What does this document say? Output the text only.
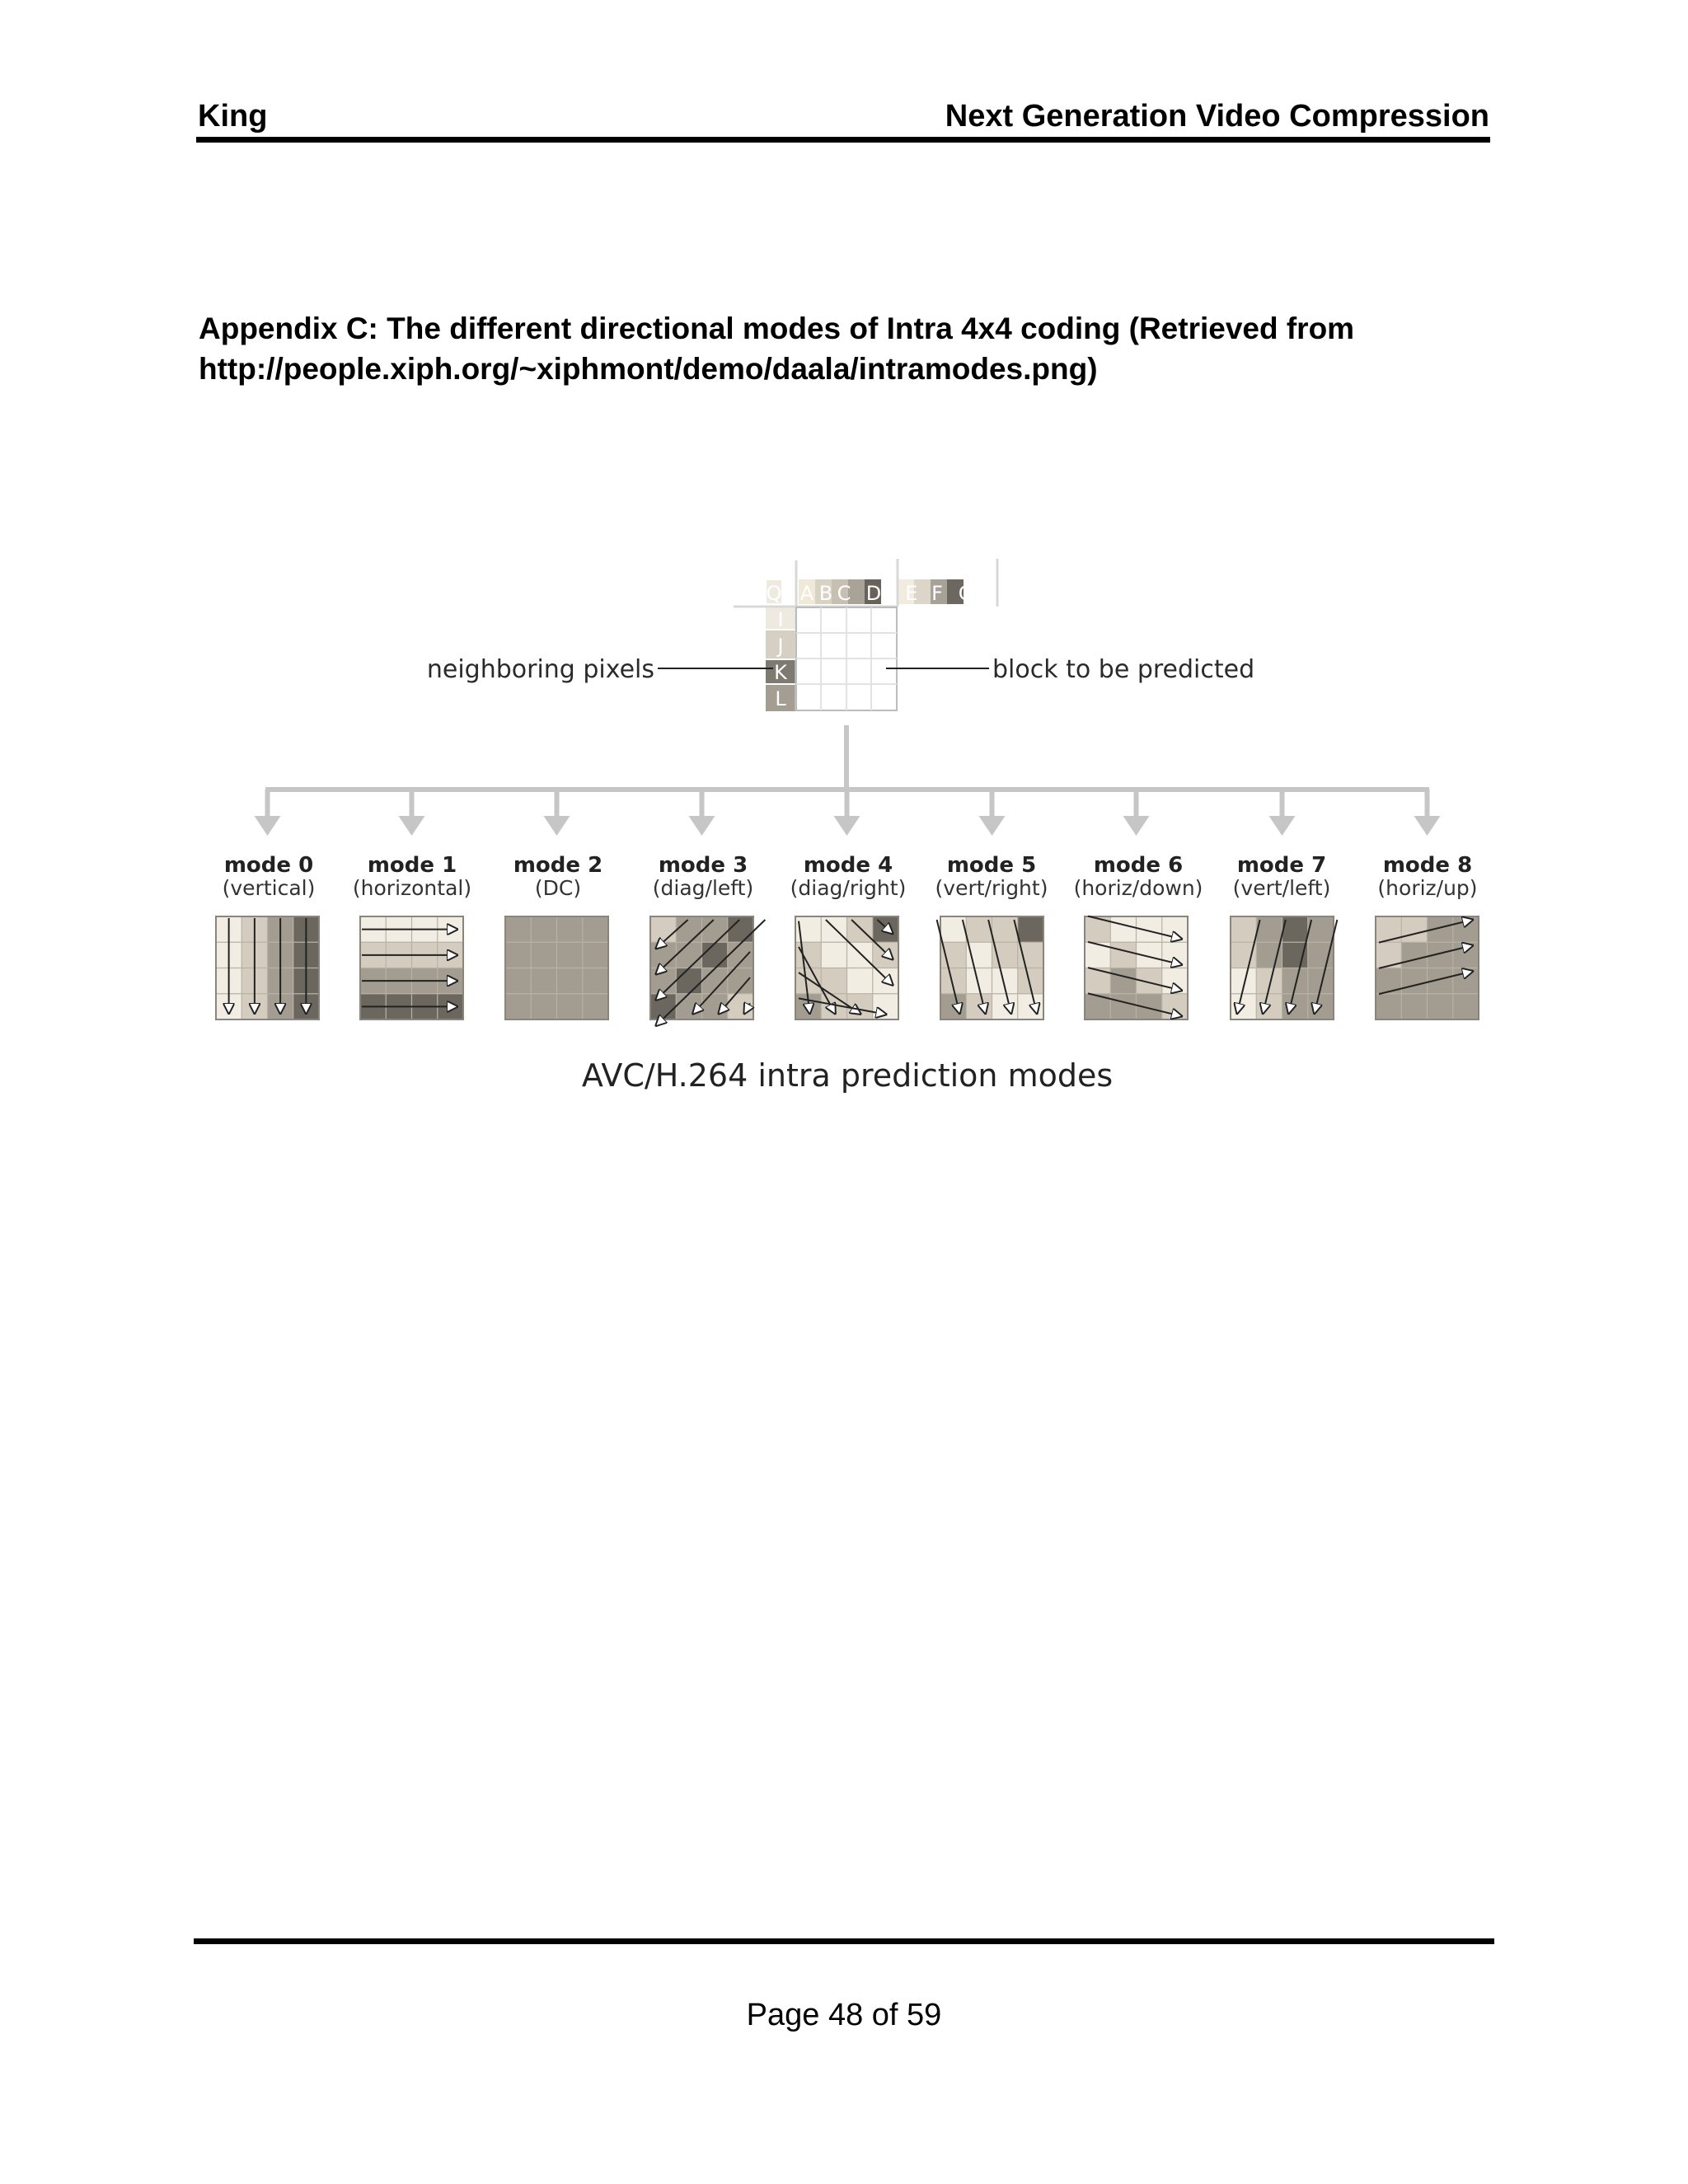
King	Next Generation Video Compression
Appendix C: The different directional modes of Intra 4x4 coding (Retrieved from
http://people.xiph.org/~xiphmont/demo/daala/intramodes.png)
Q A B C D E F G H
I
J
K
L
neighboring pixels	block to be predicted
mode 0
(vertical)
mode 1
(horizontal)
mode 2
(DC)
mode 3
(diag/left)
mode 4
(diag/right)
mode 5
(vert/right)
mode 6
(horiz/down)
mode 7
(vert/left)
mode 8
(horiz/up)
AVC/H.264 intra prediction modes
Page 48 of 59
